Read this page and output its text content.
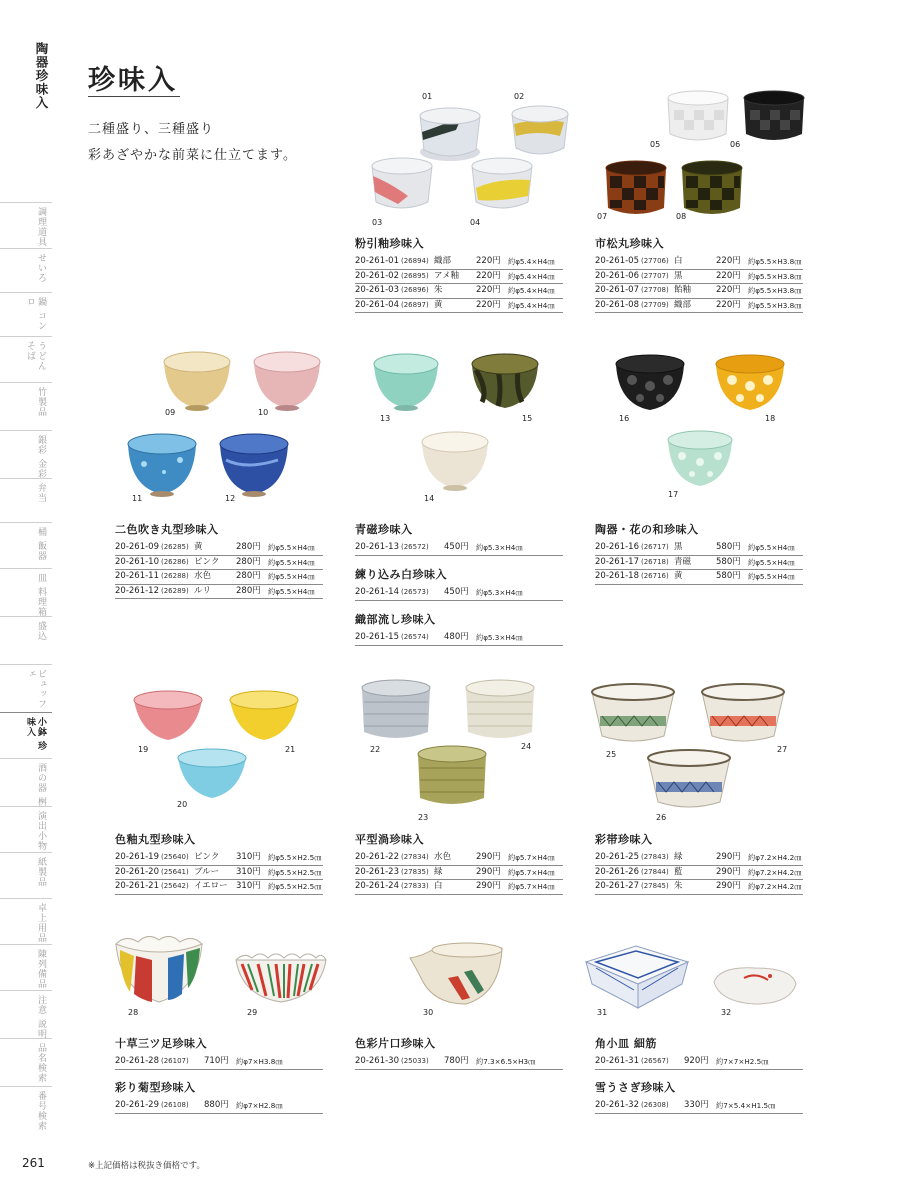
陶器珍味入
調理道具
せいろ
鍋 コンロ
うどん そば
竹製品
銀彩 金彩
弁当
桶 飯器
皿 料理箱
盛込
ビュッフェ
小鉢 珍味入
酒の器 桝
演出小物
紙製品
卓上用品
陳列備品
注意 説明
品名検索
番号検索
261
珍味入
二種盛り、三種盛り
彩あざやかな前菜に仕立てます。
01	02
03	04
05	06
07	08
粉引釉珍味入
20-261-01 (26894) 織部	220円	約φ5.4×H4㎝
20-261-02 (26895) アメ釉	220円	約φ5.4×H4㎝
20-261-03 (26896) 朱	220円	約φ5.4×H4㎝
20-261-04 (26897) 黄	220円	約φ5.4×H4㎝
市松丸珍味入
20-261-05 (27706) 白	220円	約φ5.5×H3.8㎝
20-261-06 (27707) 黒	220円	約φ5.5×H3.8㎝
20-261-07 (27708) 飴釉	220円	約φ5.5×H3.8㎝
20-261-08 (27709) 織部	220円	約φ5.5×H3.8㎝
09	10
11	12
13
14
15	16
17
18
二色吹き丸型珍味入
20-261-09 (26285) 黄	280円	約φ5.5×H4㎝
20-261-10 (26286) ピンク	280円	約φ5.5×H4㎝
20-261-11 (26288) 水色	280円	約φ5.5×H4㎝
20-261-12 (26289) ルリ	280円	約φ5.5×H4㎝
青磁珍味入
20-261-13 (26572)	450円	約φ5.3×H4㎝
練り込み白珍味入
20-261-14 (26573)	450円	約φ5.3×H4㎝
織部流し珍味入
20-261-15 (26574)	480円	約φ5.3×H4㎝
陶器・花の和珍味入
20-261-16 (26717) 黒	580円	約φ5.5×H4㎝
20-261-17 (26718) 青磁	580円	約φ5.5×H4㎝
20-261-18 (26716) 黄	580円	約φ5.5×H4㎝
19
20
21	22
23
24
25
26
27
色釉丸型珍味入
20-261-19 (25640) ピンク	310円	約φ5.5×H2.5㎝
20-261-20 (25641) ブルー	310円	約φ5.5×H2.5㎝
20-261-21 (25642) イエロー 310円	約φ5.5×H2.5㎝
平型渦珍味入
20-261-22 (27834) 水色	290円	約φ5.7×H4㎝
20-261-23 (27835) 緑	290円	約φ5.7×H4㎝
20-261-24 (27833) 白	290円	約φ5.7×H4㎝
彩帯珍味入
20-261-25 (27843) 緑	290円	約φ7.2×H4.2㎝
20-261-26 (27844) 藍	290円	約φ7.2×H4.2㎝
20-261-27 (27845) 朱	290円	約φ7.2×H4.2㎝
28	29	30	31	32
十草三ツ足珍味入
20-261-28 (26107)	710円	約φ7×H3.8㎝
彩り菊型珍味入
20-261-29 (26108)	880円	約φ7×H2.8㎝
色彩片口珍味入
20-261-30 (25033)	780円	約7.3×6.5×H3㎝
角小皿 細筋
20-261-31 (26567)	920円	約7×7×H2.5㎝
雪うさぎ珍味入
20-261-32 (26308)	330円	約7×5.4×H1.5㎝
※上記価格は税抜き価格です。
